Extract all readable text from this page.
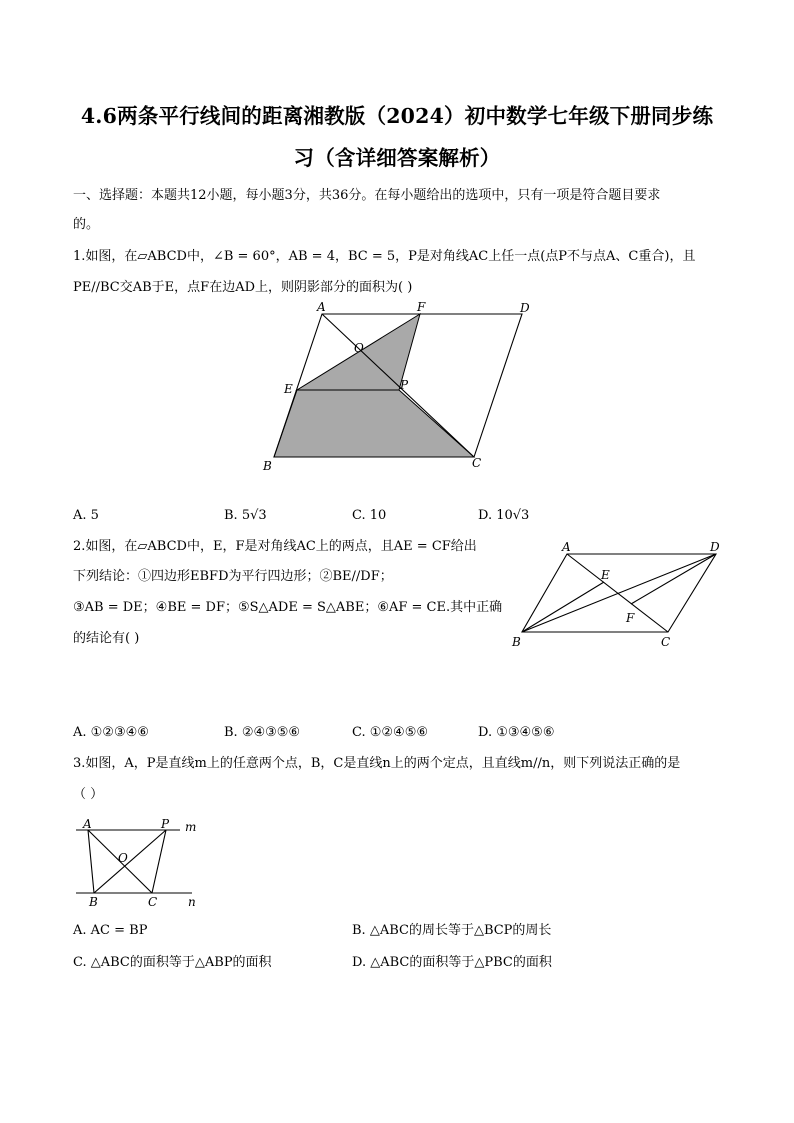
4.6两条平行线间的距离湘教版（2024）初中数学七年级下册同步练
习（含详细答案解析）
一、选择题：本题共12小题，每小题3分，共36分。在每小题给出的选项中，只有一项是符合题目要求
的。
1.如图，在▱ABCD中，∠B = 60°，AB = 4，BC = 5，P是对角线AC上任一点(点P不与点A、C重合)，且
PE//BC交AB于E，点F在边AD上，则阴影部分的面积为( )
A	F	D
O
E	P
B	C
A. 5	B. 5√3	C. 10	D. 10√3
2.如图，在▱ABCD中，E，F是对角线AC上的两点，且AE = CF给出
下列结论：①四边形EBFD为平行四边形；②BE//DF；
③AB = DE；④BE = DF；⑤S△ADE = S△ABE；⑥AF = CE.其中正确
的结论有( )
A	D
E
F
B	C
A. ①②③④⑥	B. ②④③⑤⑥	C. ①②④⑤⑥	D. ①③④⑤⑥
3.如图，A，P是直线m上的任意两个点，B，C是直线n上的两个定点，且直线m//n，则下列说法正确的是
（ ）
A	P m
O
B	C	n
A. AC = BP	B. △ABC的周长等于△BCP的周长
C. △ABC的面积等于△ABP的面积	D. △ABC的面积等于△PBC的面积
